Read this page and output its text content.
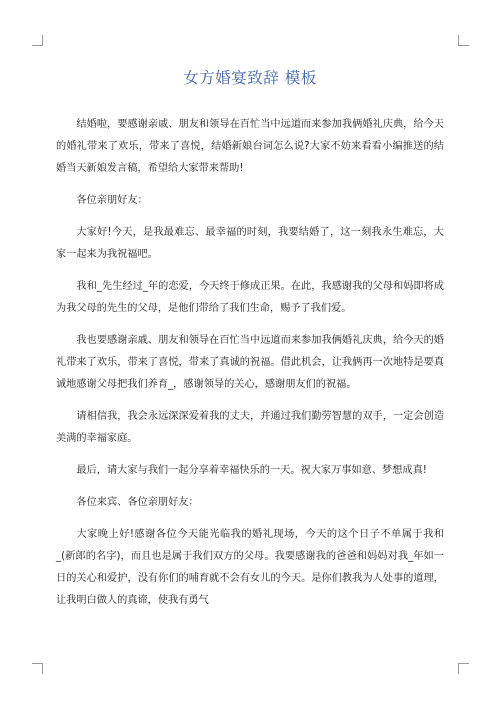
女方婚宴致辞 模板

结婚啦，要感谢亲戚、朋友和领导在百忙当中远道而来参加我俩婚礼庆典，给今天的婚礼带来了欢乐，带来了喜悦，结婚新娘台词怎么说?大家不妨来看看小编推送的结婚当天新娘发言稿，希望给大家带来帮助!

各位亲朋好友：

大家好!今天，是我最难忘、最幸福的时刻，我要结婚了，这一刻我永生难忘，大家一起来为我祝福吧。

我和_先生经过_年的恋爱，今天终于修成正果。在此，我感谢我的父母和妈即将成为我父母的先生的父母，是他们带给了我们生命，赐予了我们爱。

我也要感谢亲戚、朋友和领导在百忙当中远道而来参加我俩婚礼庆典，给今天的婚礼带来了欢乐，带来了喜悦，带来了真诚的祝福。借此机会，让我俩再一次地特是要真诚地感谢父母把我们养育_，感谢领导的关心，感谢朋友们的祝福。

请相信我，我会永远深深爱着我的丈夫，并通过我们勤劳智慧的双手，一定会创造美满的幸福家庭。

最后，请大家与我们一起分享着幸福快乐的一天。祝大家万事如意、梦想成真!

各位来宾、各位亲朋好友：

大家晚上好!感谢各位今天能光临我的婚礼现场，今天的这个日子不单属于我和_(新郎的名字)，而且也是属于我们双方的父母。我要感谢我的爸爸和妈妈对我_年如一日的关心和爱护，没有你们的哺育就不会有女儿的今天。是你们教我为人处事的道理，让我明白做人的真谛，使我有勇气
